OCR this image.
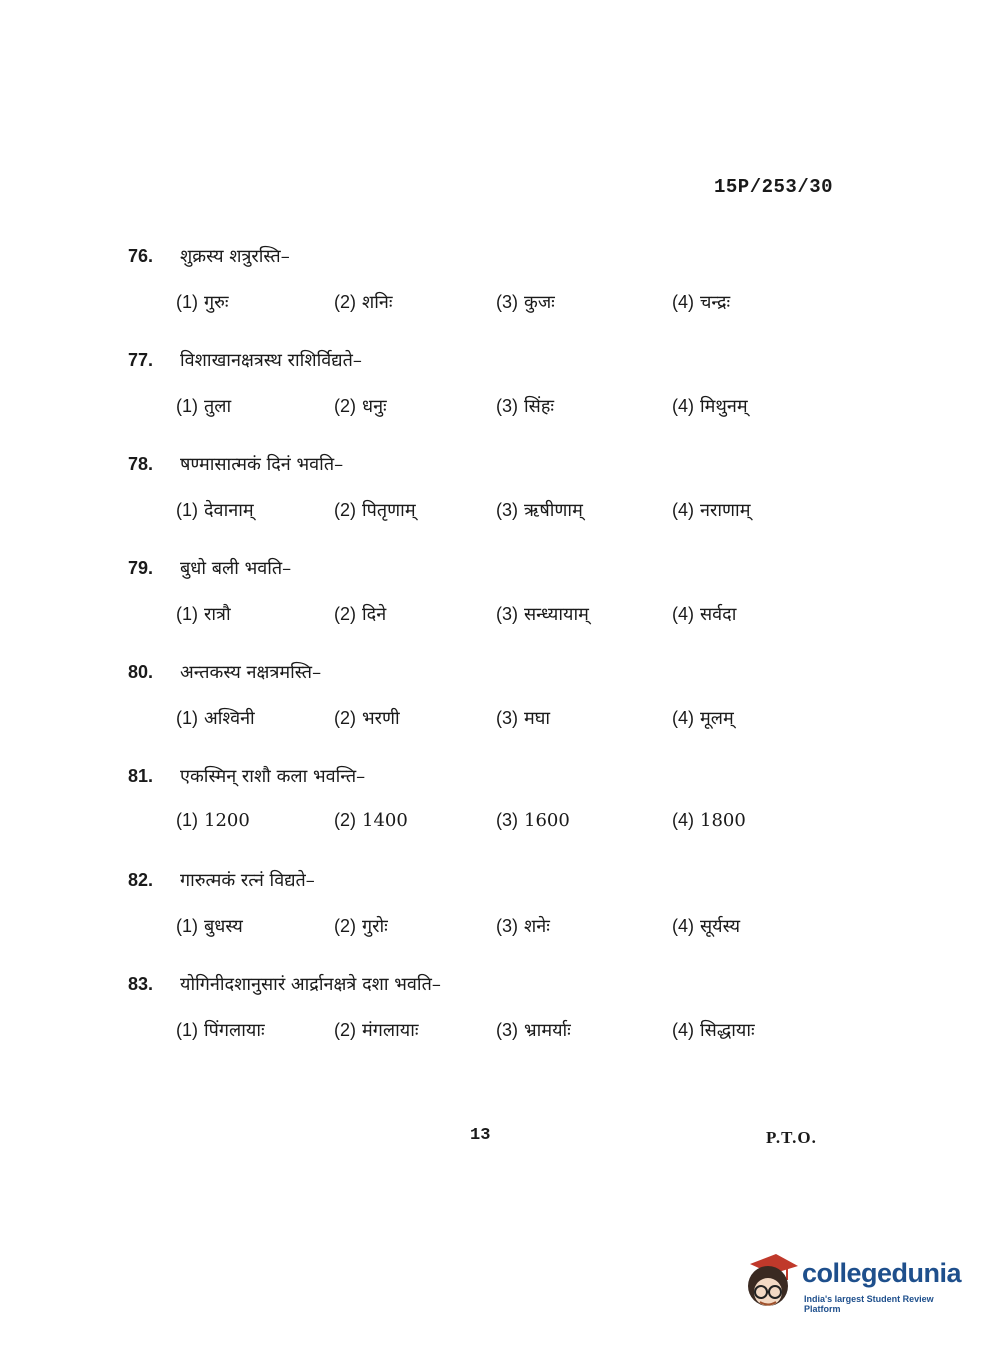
15P/253/30
76.	शुक्रस्य शत्रुरस्ति–
(1) गुरुः	(2) शनिः	(3) कुजः	(4) चन्द्रः
77.	विशाखानक्षत्रस्थ राशिर्विद्यते–
(1) तुला	(2) धनुः	(3) सिंहः	(4) मिथुनम्
78.	षण्मासात्मकं दिनं भवति–
(1) देवानाम्	(2) पितृणाम्	(3) ऋषीणाम्	(4) नराणाम्
79.	बुधो बली भवति–
(1) रात्रौ	(2) दिने	(3) सन्ध्यायाम्	(4) सर्वदा
80.	अन्तकस्य नक्षत्रमस्ति–
(1) अश्विनी	(2) भरणी	(3) मघा	(4) मूलम्
81.	एकस्मिन् राशौ कला भवन्ति–
(1) 1200	(2) 1400	(3) 1600	(4) 1800
82.	गारुत्मकं रत्नं विद्यते–
(1) बुधस्य	(2) गुरोः	(3) शनेः	(4) सूर्यस्य
83.	योगिनीदशानुसारं आर्द्रानक्षत्रे दशा भवति–
(1) पिंगलायाः	(2) मंगलायाः	(3) भ्रामर्याः	(4) सिद्धायाः
13	P.T.O.
collegedunia
India's largest Student Review Platform
